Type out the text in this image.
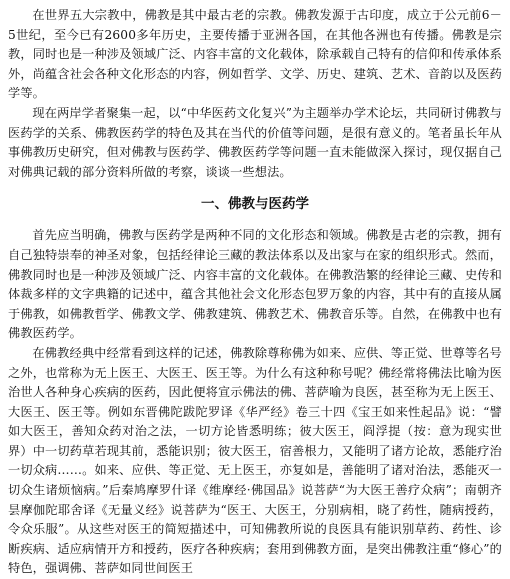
在世界五大宗教中，佛教是其中最古老的宗教。佛教发源于古印度，成立于公元前6－5世纪，至今已有2600多年历史，主要传播于亚洲各国，在其他各洲也有传播。佛教是宗教，同时也是一种涉及领域广泛、内容丰富的文化载体，除承载自己特有的信仰和传承体系外，尚蕴含社会各种文化形态的内容，例如哲学、文学、历史、建筑、艺术、音韵以及医药学等。

现在两岸学者聚集一起，以“中华医药文化复兴”为主题举办学术论坛，共同研讨佛教与医药学的关系、佛教医药学的特色及其在当代的价值等问题，是很有意义的。笔者虽长年从事佛教历史研究，但对佛教与医药学、佛教医药学等问题一直未能做深入探讨，现仅据自己对佛典记载的部分资料所做的考察，谈谈一些想法。

一、佛教与医药学

首先应当明确，佛教与医药学是两种不同的文化形态和领域。佛教是古老的宗教，拥有自己独特崇奉的神圣对象，包括经律论三藏的教法体系以及出家与在家的组织形式。然而，佛教同时也是一种涉及领域广泛、内容丰富的文化载体。在佛教浩繁的经律论三藏、史传和体裁多样的文字典籍的记述中，蕴含其他社会文化形态包罗万象的内容，其中有的直接从属于佛教，如佛教哲学、佛教文学、佛教建筑、佛教艺术、佛教音乐等。自然，在佛教中也有佛教医药学。

在佛教经典中经常看到这样的记述，佛教除尊称佛为如来、应供、等正觉、世尊等名号之外，也常称为无上医王、大医王、医王等。为什么有这种称号呢？佛经常将佛法比喻为医治世人各种身心疾病的医药，因此便将宣示佛法的佛、菩萨喻为良医，甚至称为无上医王、大医王、医王等。例如东晋佛陀跋陀罗译《华严经》卷三十四《宝王如来性起品》说：“譬如大医王，善知众药对治之法，一切方论皆悉明练；彼大医王，阎浮提（按：意为现实世界）中一切药草若现其前，悉能识别；彼大医王，宿善根力，又能明了诸方论故，悉能疗治一切众病……。如来、应供、等正觉、无上医王，亦复如是，善能明了诸对治法，悉能灭一切众生诸烦恼病。”后秦鸠摩罗什译《维摩经·佛国品》说菩萨“为大医王善疗众病”；南朝齐昙摩伽陀耶舍译《无量义经》说菩萨为“医王、大医王，分别病相，晓了药性，随病授药，令众乐服”。从这些对医王的简短描述中，可知佛教所说的良医具有能识别草药、药性、诊断疾病、适应病情开方和授药，医疗各种疾病；套用到佛教方面，是突出佛教注重“修心”的特色，强调佛、菩萨如同世间医王
